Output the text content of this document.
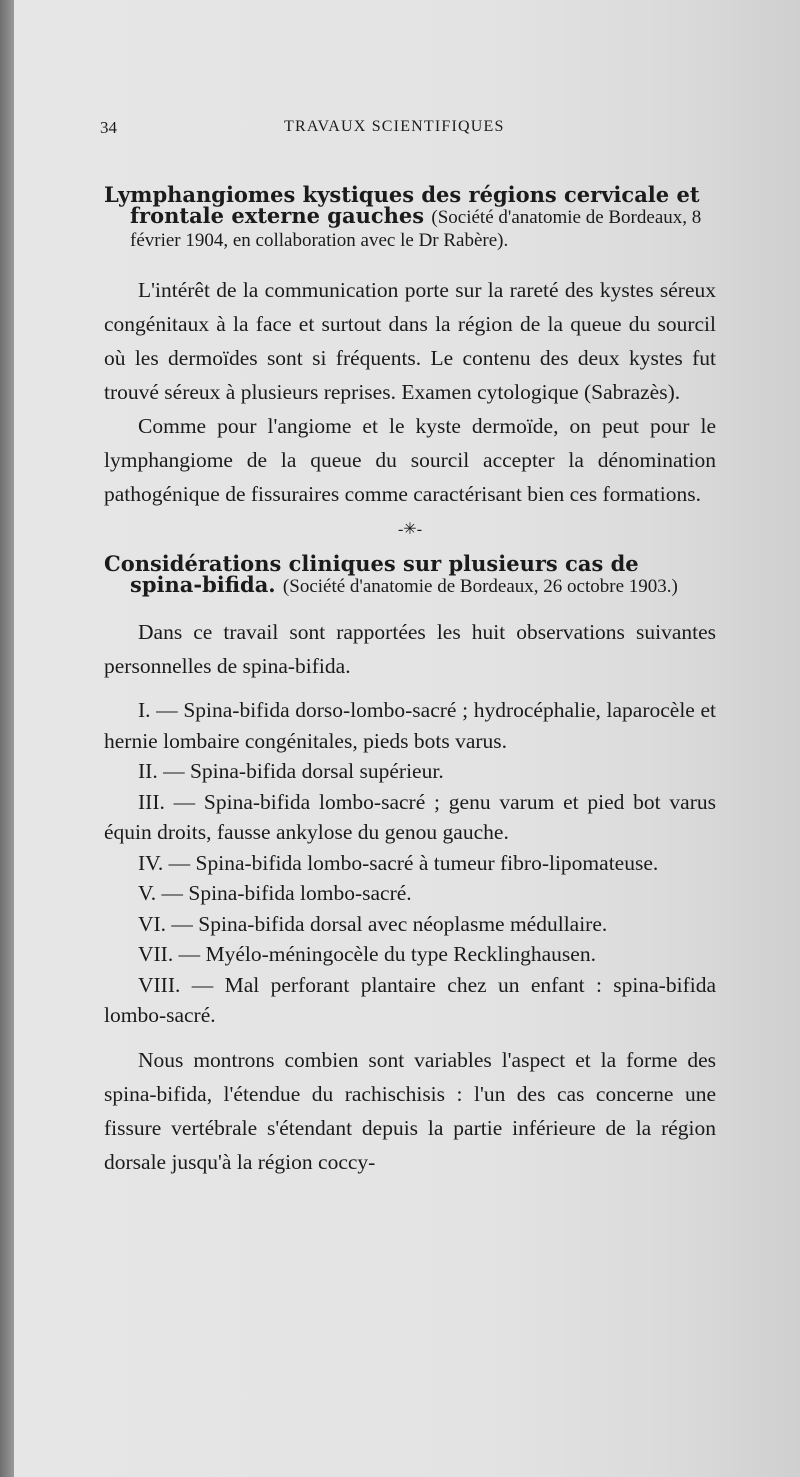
34	TRAVAUX SCIENTIFIQUES
Lymphangiomes kystiques des régions cervicale et frontale externe gauches (Société d'anatomie de Bordeaux, 8 février 1904, en collaboration avec le Dr Rabère).

L'intérêt de la communication porte sur la rareté des kystes séreux congénitaux à la face et surtout dans la région de la queue du sourcil où les dermoïdes sont si fréquents. Le contenu des deux kystes fut trouvé séreux à plusieurs reprises. Examen cytologique (Sabrazès).

Comme pour l'angiome et le kyste dermoïde, on peut pour le lymphangiome de la queue du sourcil accepter la dénomination pathogénique de fissuraires comme caractérisant bien ces formations.

-✳-
Considérations cliniques sur plusieurs cas de spina-bifida. (Société d'anatomie de Bordeaux, 26 octobre 1903.)

Dans ce travail sont rapportées les huit observations suivantes personnelles de spina-bifida.

I. — Spina-bifida dorso-lombo-sacré ; hydrocéphalie, laparocèle et hernie lombaire congénitales, pieds bots varus.
II. — Spina-bifida dorsal supérieur.
III. — Spina-bifida lombo-sacré ; genu varum et pied bot varus équin droits, fausse ankylose du genou gauche.
IV. — Spina-bifida lombo-sacré à tumeur fibro-lipomateuse.
V. — Spina-bifida lombo-sacré.
VI. — Spina-bifida dorsal avec néoplasme médullaire.
VII. — Myélo-méningocèle du type Recklinghausen.
VIII. — Mal perforant plantaire chez un enfant : spina-bifida lombo-sacré.

Nous montrons combien sont variables l'aspect et la forme des spina-bifida, l'étendue du rachischisis : l'un des cas concerne une fissure vertébrale s'étendant depuis la partie inférieure de la région dorsale jusqu'à la région coccy-
